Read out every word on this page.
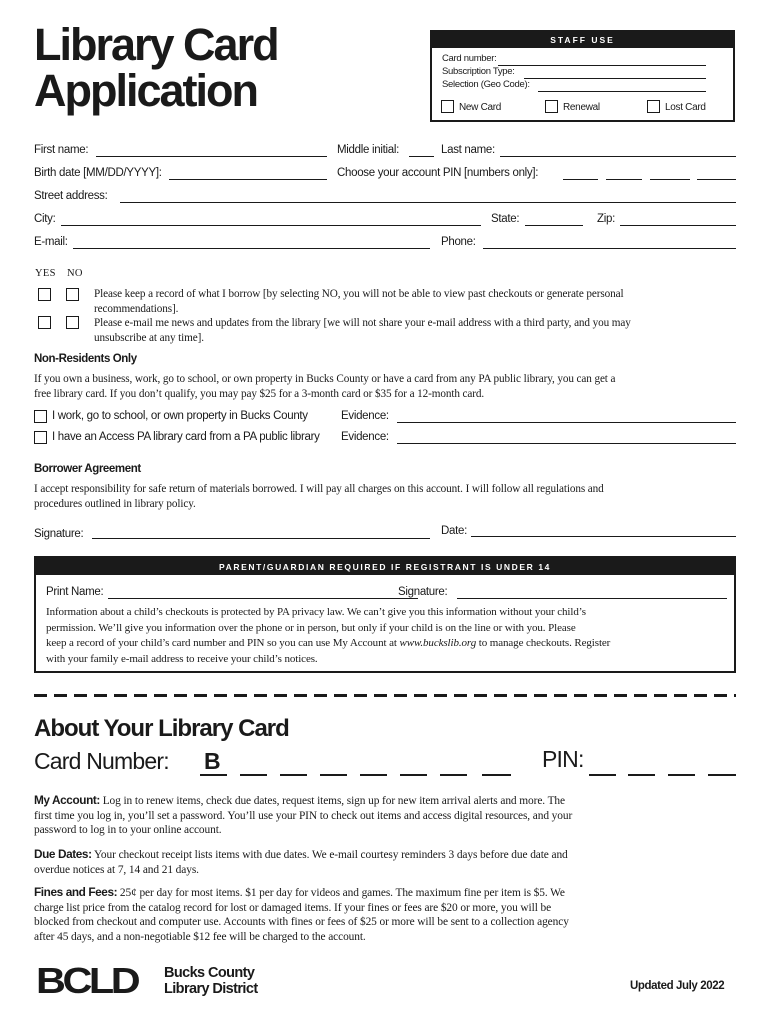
Library Card
Application
STAFF USE
Card number:
Subscription Type:
Selection (Geo Code):
New Card	Renewal	Lost Card
First name:	Middle initial:	Last name:
Birth date [MM/DD/YYYY]:	Choose your account PIN [numbers only]:
Street address:
City:	State:	Zip:
E-mail:	Phone:
YES NO
Please keep a record of what I borrow [by selecting NO, you will not be able to view past checkouts or generate personal
recommendations].
Please e-mail me news and updates from the library [we will not share your e-mail address with a third party, and you may
unsubscribe at any time].
Non-Residents Only
If you own a business, work, go to school, or own property in Bucks County or have a card from any PA public library, you can get a
free library card. If you don’t qualify, you may pay $25 for a 3-month card or $35 for a 12-month card.
I work, go to school, or own property in Bucks County	Evidence:
I have an Access PA library card from a PA public library Evidence:
Borrower Agreement
I accept responsibility for safe return of materials borrowed. I will pay all charges on this account. I will follow all regulations and
procedures outlined in library policy.
Signature:	Date:
PARENT/GUARDIAN REQUIRED IF REGISTRANT IS UNDER 14
Print Name:	Signature:
Information about a child’s checkouts is protected by PA privacy law. We can’t give you this information without your child’s
permission. We’ll give you information over the phone or in person, but only if your child is on the line or with you. Please
keep a record of your child’s card number and PIN so you can use My Account at www.buckslib.org to manage checkouts. Register
with your family e-mail address to receive your child’s notices.
About Your Library Card
Card Number: B	PIN:
My Account: Log in to renew items, check due dates, request items, sign up for new item arrival alerts and more. The
first time you log in, you’ll set a password. You’ll use your PIN to check out items and access digital resources, and your
password to log in to your online account.
Due Dates: Your checkout receipt lists items with due dates. We e-mail courtesy reminders 3 days before due date and
overdue notices at 7, 14 and 21 days.
Fines and Fees: 25¢ per day for most items. $1 per day for videos and games. The maximum fine per item is $5. We
charge list price from the catalog record for lost or damaged items. If your fines or fees are $20 or more, you will be
blocked from checkout and computer use. Accounts with fines or fees of $25 or more will be sent to a collection agency
after 45 days, and a non-negotiable $12 fee will be charged to the account.
BCLD Bucks County
Library District	Updated July 2022
